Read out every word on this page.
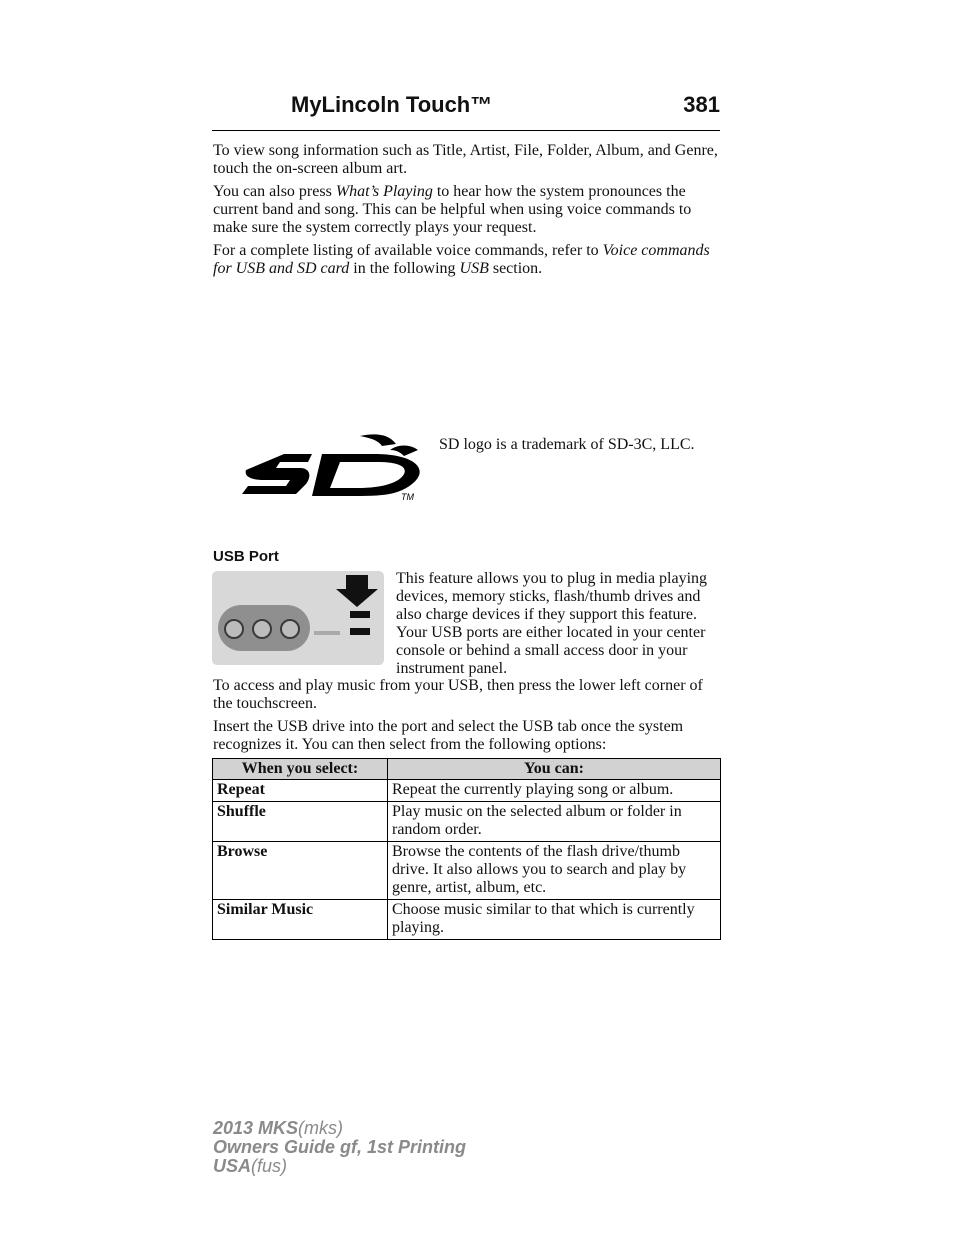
MyLincoln Touch™	381

To view song information such as Title, Artist, File, Folder, Album, and Genre, touch the on-screen album art.

You can also press What’s Playing to hear how the system pronounces the current band and song. This can be helpful when using voice commands to make sure the system correctly plays your request.

For a complete listing of available voice commands, refer to Voice commands for USB and SD card in the following USB section.

TM

SD logo is a trademark of SD-3C, LLC.

USB Port

This feature allows you to plug in media playing devices, memory sticks, flash/thumb drives and also charge devices if they support this feature. Your USB ports are either located in your center console or behind a small access door in your instrument panel.

To access and play music from your USB, then press the lower left corner of the touchscreen.

Insert the USB drive into the port and select the USB tab once the system recognizes it. You can then select from the following options:

When you select:	You can:
Repeat	Repeat the currently playing song or album.
Shuffle	Play music on the selected album or folder in random order.
Browse	Browse the contents of the flash drive/thumb drive. It also allows you to search and play by genre, artist, album, etc.
Similar Music	Choose music similar to that which is currently playing.
2013 MKS(mks)
Owners Guide gf, 1st Printing
USA(fus)
